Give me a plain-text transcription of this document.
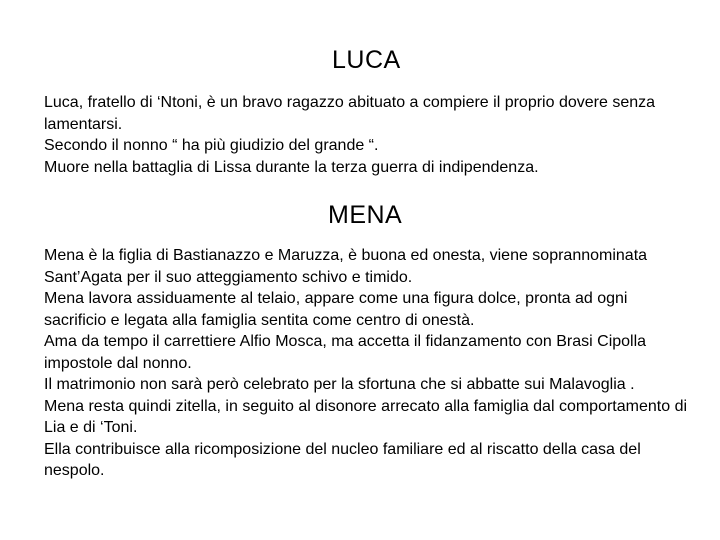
LUCA

Luca, fratello di ‘Ntoni, è un bravo ragazzo abituato a compiere il proprio dovere senza lamentarsi.

Secondo il nonno “ ha più giudizio del grande “.

Muore nella battaglia di Lissa durante la terza guerra di indipendenza.

MENA

Mena è la figlia di Bastianazzo e Maruzza, è buona ed onesta, viene soprannominata Sant’Agata per il suo atteggiamento schivo e timido.

Mena lavora assiduamente al telaio, appare come una figura dolce, pronta ad ogni sacrificio e legata alla famiglia sentita come centro di onestà.

Ama da tempo il carrettiere Alfio Mosca, ma accetta il fidanzamento con Brasi Cipolla impostole dal nonno.

Il matrimonio non sarà però celebrato per la sfortuna che si abbatte sui Malavoglia .

Mena resta quindi zitella, in seguito al disonore arrecato alla famiglia dal comportamento di Lia e di ‘Toni.

Ella contribuisce alla ricomposizione del nucleo familiare ed al riscatto della casa del nespolo.
